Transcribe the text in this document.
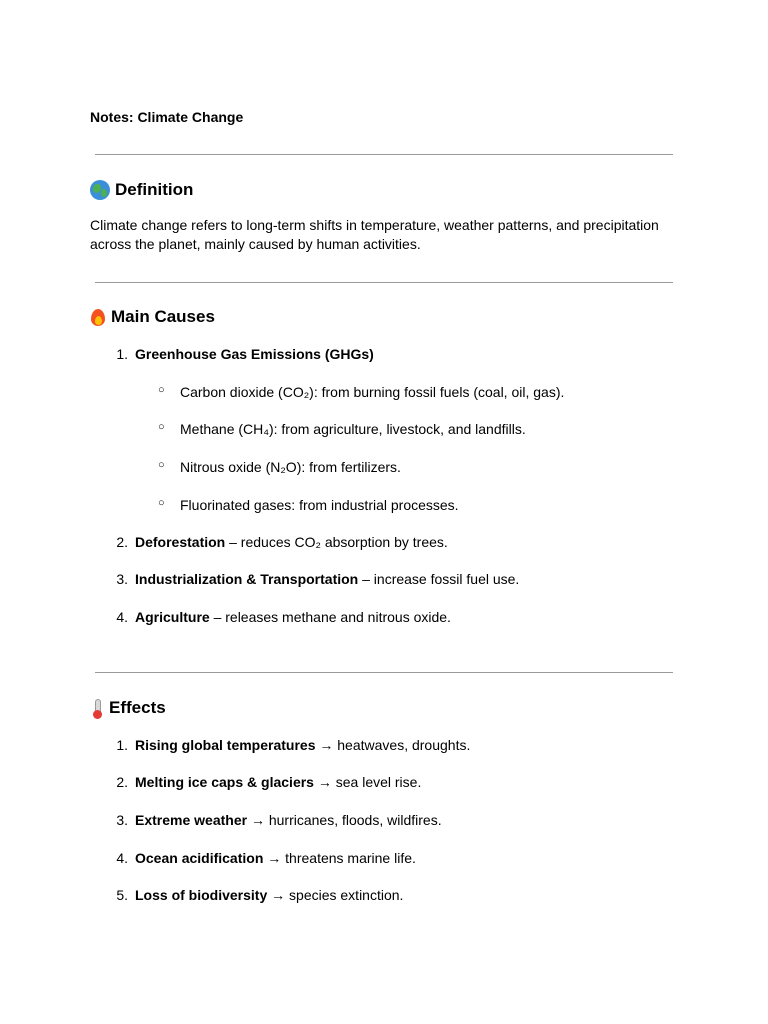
Notes: Climate Change
Definition
Climate change refers to long-term shifts in temperature, weather patterns, and precipitation across the planet, mainly caused by human activities.
Main Causes
1. Greenhouse Gas Emissions (GHGs)
○ Carbon dioxide (CO₂): from burning fossil fuels (coal, oil, gas).
○ Methane (CH₄): from agriculture, livestock, and landfills.
○ Nitrous oxide (N₂O): from fertilizers.
○ Fluorinated gases: from industrial processes.
2. Deforestation – reduces CO₂ absorption by trees.
3. Industrialization & Transportation – increase fossil fuel use.
4. Agriculture – releases methane and nitrous oxide.
Effects
1. Rising global temperatures → heatwaves, droughts.
2. Melting ice caps & glaciers → sea level rise.
3. Extreme weather → hurricanes, floods, wildfires.
4. Ocean acidification → threatens marine life.
5. Loss of biodiversity → species extinction.
